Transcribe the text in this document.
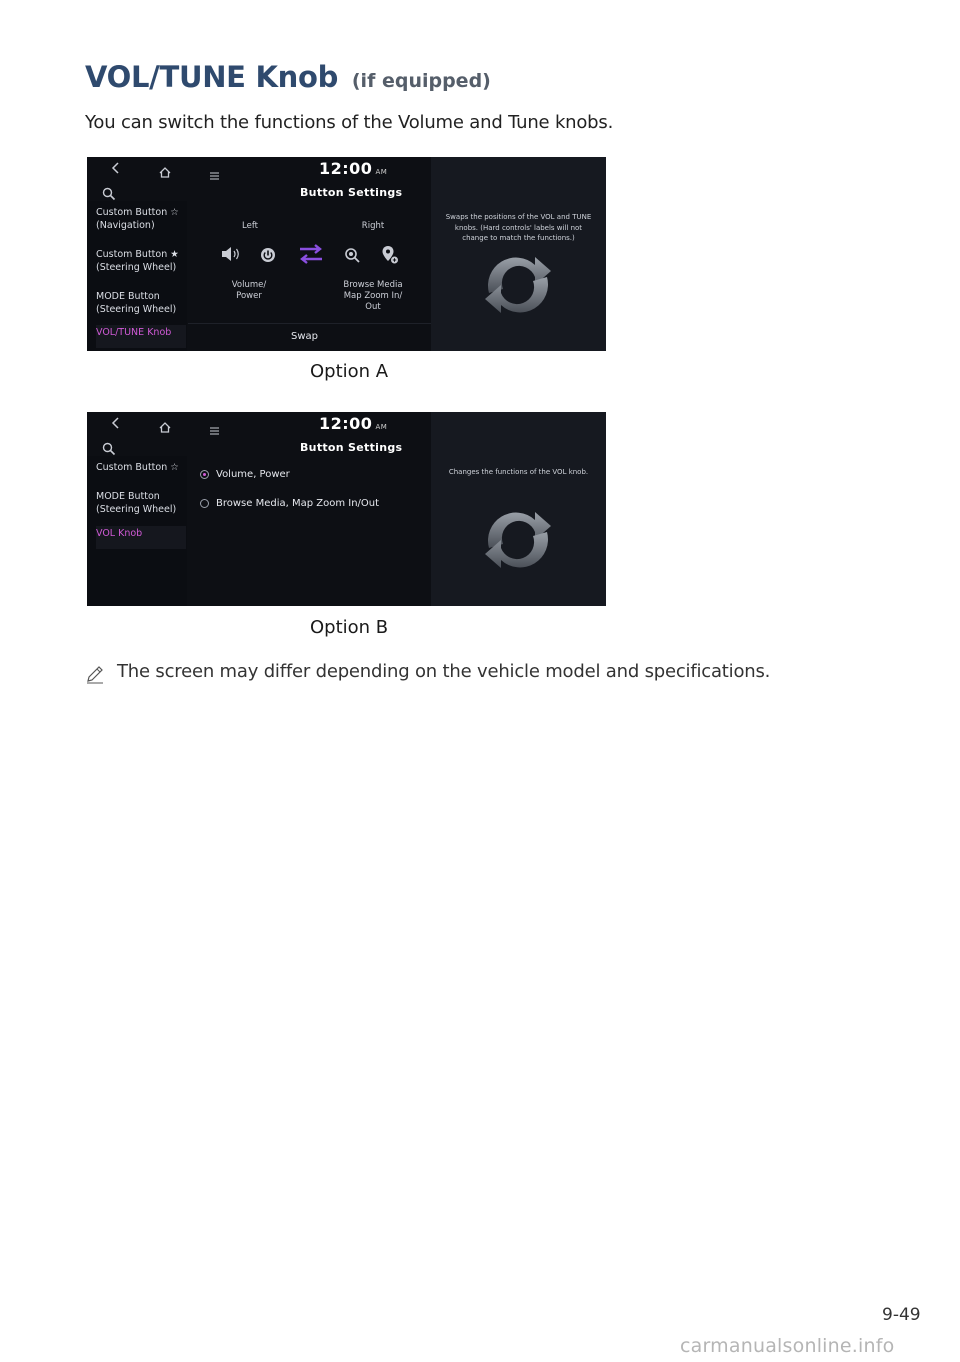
VOL/TUNE Knob (if equipped)
You can switch the functions of the Volume and Tune knobs.
12:00 AM
Button Settings
Custom Button ☆ (Navigation)
Custom Button ★ (Steering Wheel)
MODE Button (Steering Wheel)
VOL/TUNE Knob
Left	Right
Volume/ Power
Browse Media Map Zoom In/ Out
Swap
Swaps the positions of the VOL and TUNE knobs. (Hard controls' labels will not change to match the functions.)
Option A
12:00 AM
Button Settings
Custom Button ☆
MODE Button (Steering Wheel)
VOL Knob
Volume, Power
Browse Media, Map Zoom In/Out
Changes the functions of the VOL knob.
Option B
The screen may differ depending on the vehicle model and specifications.
9-49
carmanualsonline.info
